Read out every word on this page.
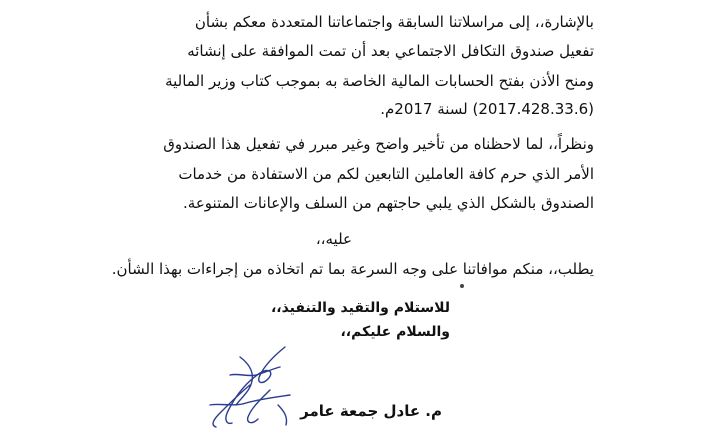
بالإشارة،، إلى مراسلاتنا السابقة واجتماعاتنا المتعددة معكم بشأن
تفعيل صندوق التكافل الاجتماعي بعد أن تمت الموافقة على إنشائه
ومنح الأذن بفتح الحسابات المالية الخاصة به بموجب كتاب وزير المالية
(2017.428.33.6) لسنة 2017م.
ونظراً،، لما لاحظناه من تأخير واضح وغير مبرر في تفعيل هذا الصندوق
الأمر الذي حرم كافة العاملين التابعين لكم من الاستفادة من خدمات
الصندوق بالشكل الذي يلبي حاجتهم من السلف والإعانات المتنوعة.
عليه،،
يطلب،، منكم موافاتنا على وجه السرعة بما تم اتخاذه من إجراءات بهذا الشأن.
للاستلام والتقيد والتنفيذ،،
والسلام عليكم،،
م. عادل جمعة عامر
